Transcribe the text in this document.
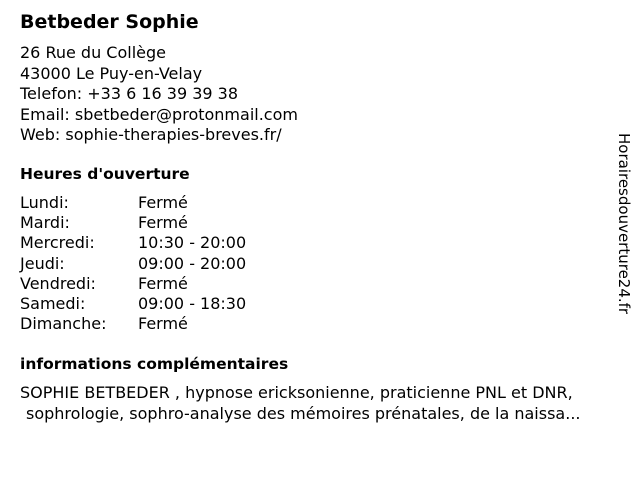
Betbeder Sophie
26 Rue du Collège
43000 Le Puy-en-Velay
Telefon: +33 6 16 39 39 38
Email: sbetbeder@protonmail.com
Web: sophie-therapies-breves.fr/
Heures d'ouverture
Lundi:	Fermé
Mardi:	Fermé
Mercredi:	10:30 - 20:00
Jeudi:	09:00 - 20:00
Vendredi:	Fermé
Samedi:	09:00 - 18:30
Dimanche: Fermé
informations complémentaires
SOPHIE BETBEDER , hypnose ericksonienne, praticienne PNL et DNR,
sophrologie, sophro-analyse des mémoires prénatales, de la naissa...
Horairesdouverture24.fr
